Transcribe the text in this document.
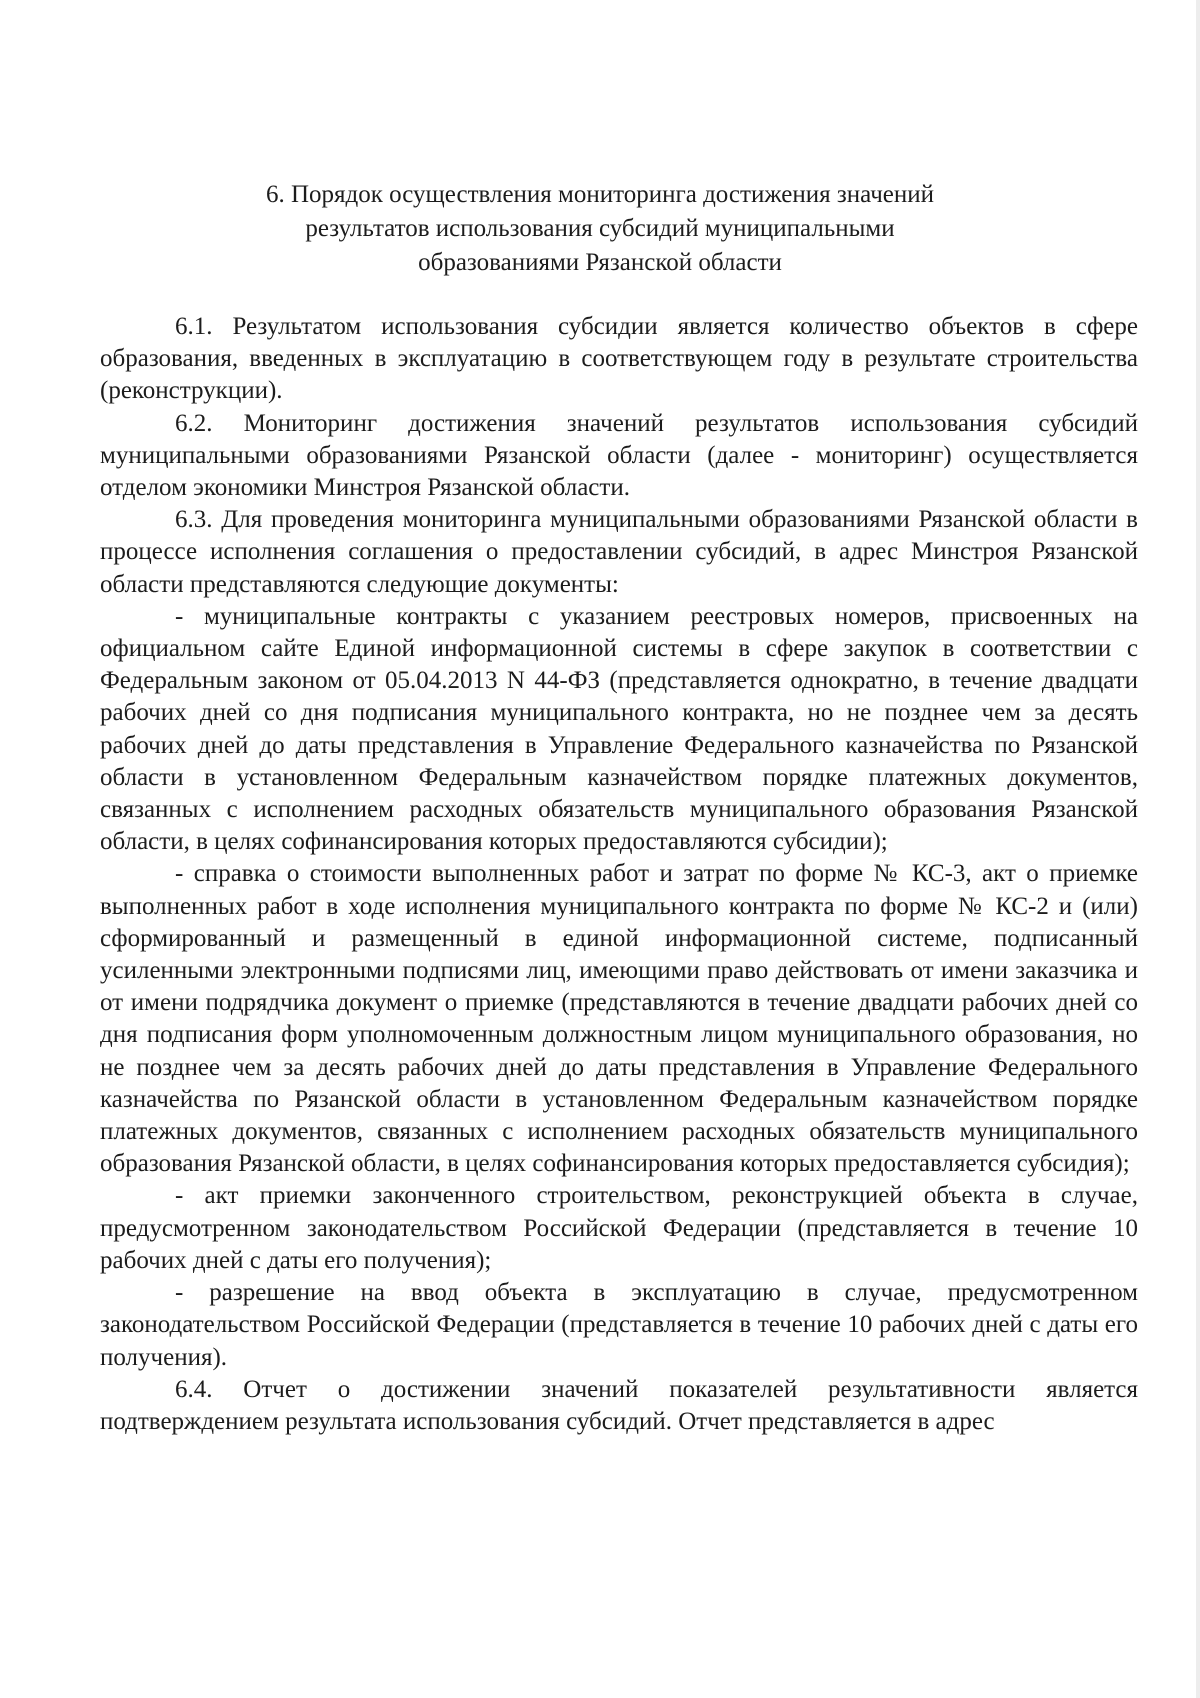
6. Порядок осуществления мониторинга достижения значений
результатов использования субсидий муниципальными
образованиями Рязанской области

6.1. Результатом использования субсидии является количество объектов в сфере образования, введенных в эксплуатацию в соответствующем году в результате строительства (реконструкции).

6.2. Мониторинг достижения значений результатов использования субсидий муниципальными образованиями Рязанской области (далее - мониторинг) осуществляется отделом экономики Минстроя Рязанской области.

6.3. Для проведения мониторинга муниципальными образованиями Рязанской области в процессе исполнения соглашения о предоставлении субсидий, в адрес Минстроя Рязанской области представляются следующие документы:

- муниципальные контракты с указанием реестровых номеров, присвоенных на официальном сайте Единой информационной системы в сфере закупок в соответствии с Федеральным законом от 05.04.2013 N 44-ФЗ (представляется однократно, в течение двадцати рабочих дней со дня подписания муниципального контракта, но не позднее чем за десять рабочих дней до даты представления в Управление Федерального казначейства по Рязанской области в установленном Федеральным казначейством порядке платежных документов, связанных с исполнением расходных обязательств муниципального образования Рязанской области, в целях софинансирования которых предоставляются субсидии);

- справка о стоимости выполненных работ и затрат по форме № КС-3, акт о приемке выполненных работ в ходе исполнения муниципального контракта по форме № КС-2 и (или) сформированный и размещенный в единой информационной системе, подписанный усиленными электронными подписями лиц, имеющими право действовать от имени заказчика и от имени подрядчика документ о приемке (представляются в течение двадцати рабочих дней со дня подписания форм уполномоченным должностным лицом муниципального образования, но не позднее чем за десять рабочих дней до даты представления в Управление Федерального казначейства по Рязанской области в установленном Федеральным казначейством порядке платежных документов, связанных с исполнением расходных обязательств муниципального образования Рязанской области, в целях софинансирования которых предоставляется субсидия);

- акт приемки законченного строительством, реконструкцией объекта в случае, предусмотренном законодательством Российской Федерации (представляется в течение 10 рабочих дней с даты его получения);

- разрешение на ввод объекта в эксплуатацию в случае, предусмотренном законодательством Российской Федерации (представляется в течение 10 рабочих дней с даты его получения).

6.4. Отчет о достижении значений показателей результативности является подтверждением результата использования субсидий. Отчет представляется в адрес
